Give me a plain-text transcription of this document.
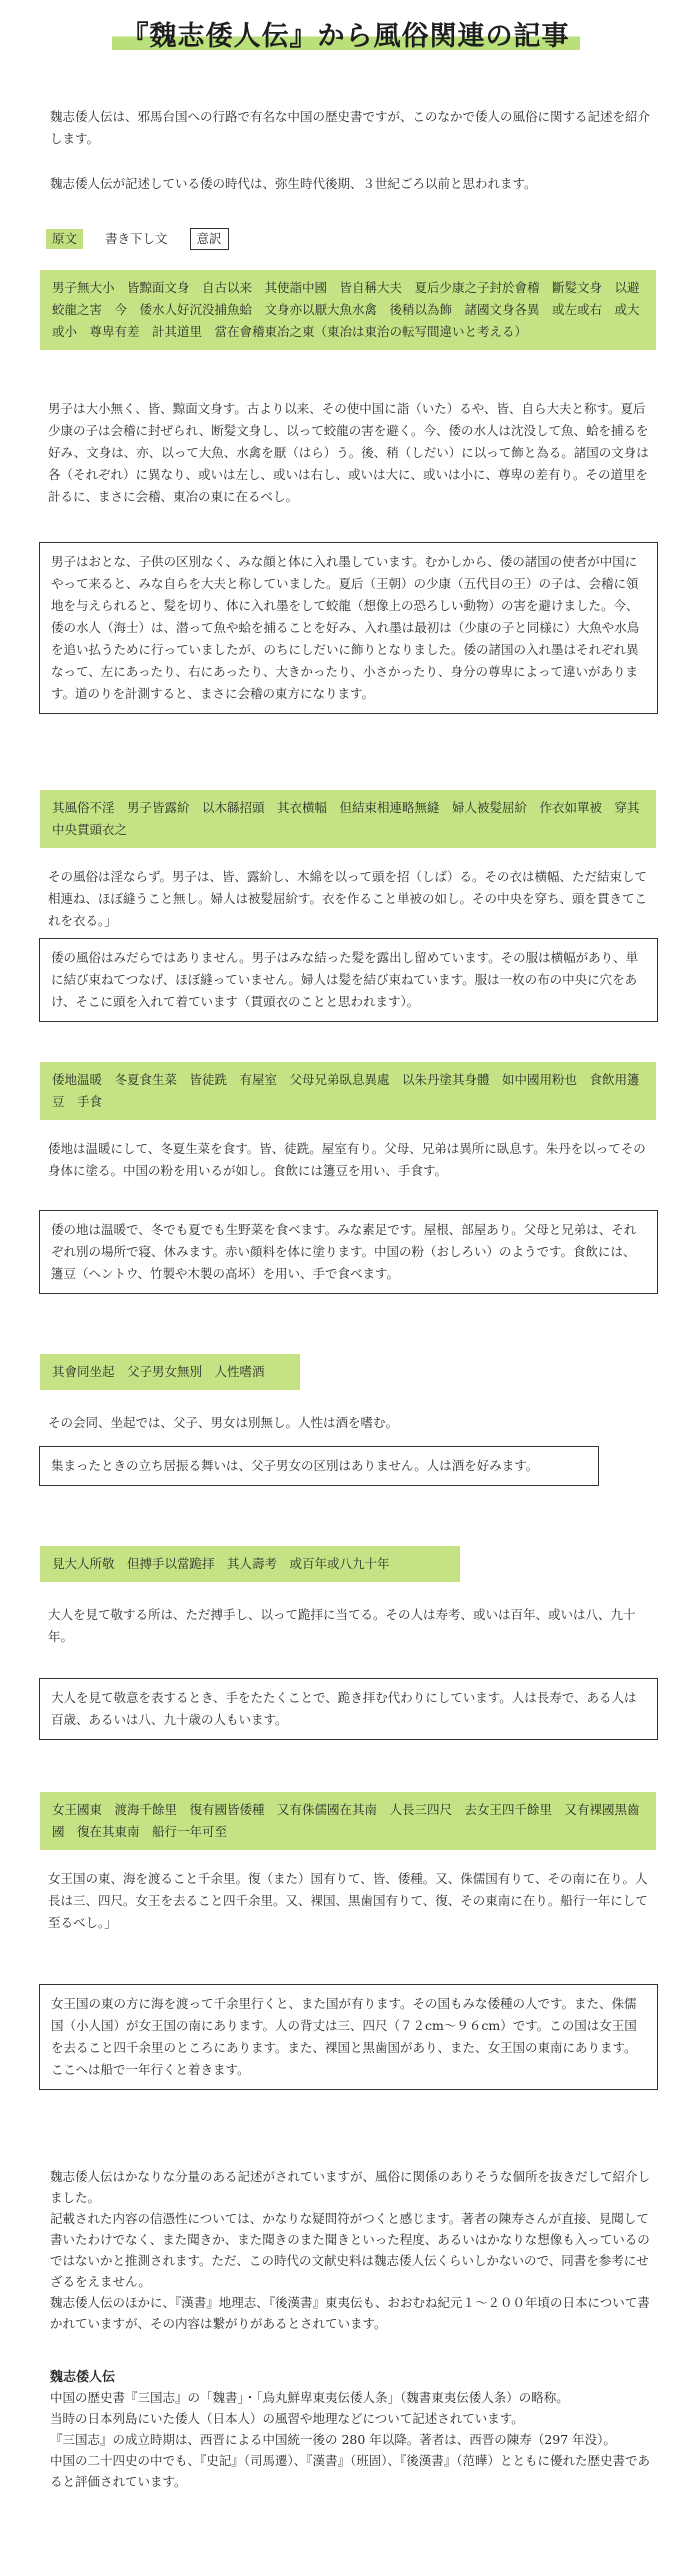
『魏志倭人伝』から風俗関連の記事
魏志倭人伝は、邪馬台国への行路で有名な中国の歴史書ですが、このなかで倭人の風俗に関する記述を紹介します。
魏志倭人伝が記述している倭の時代は、弥生時代後期、３世紀ごろ以前と思われます。
原文 書き下し文 意訳
男子無大小　皆黥面文身　自古以来　其使詣中國　皆自稱大夫　夏后少康之子封於會稽　斷髪文身　以避蛟龍之害　今　倭水人好沉没捕魚蛤　文身亦以厭大魚水禽　後稍以為飾　諸國文身各異　或左或右　或大或小　尊卑有差　計其道里　當在會稽東冶之東（東冶は東治の転写間違いと考える）
男子は大小無く、皆、黥面文身す。古より以来、その使中国に詣（いた）るや、皆、自ら大夫と称す。夏后少康の子は会稽に封ぜられ、断髪文身し、以って蛟龍の害を避く。今、倭の水人は沈没して魚、蛤を捕るを好み、文身は、亦、以って大魚、水禽を厭（はら）う。後、稍（しだい）に以って飾と為る。諸国の文身は各（それぞれ）に異なり、或いは左し、或いは右し、或いは大に、或いは小に、尊卑の差有り。その道里を計るに、まさに会稽、東冶の東に在るべし。
男子はおとな、子供の区別なく、みな顔と体に入れ墨しています。むかしから、倭の諸国の使者が中国にやって来ると、みな自らを大夫と称していました。夏后（王朝）の少康（五代目の王）の子は、会稽に領地を与えられると、髪を切り、体に入れ墨をして蛟龍（想像上の恐ろしい動物）の害を避けました。今、倭の水人（海士）は、潜って魚や蛤を捕ることを好み、入れ墨は最初は（少康の子と同様に）大魚や水鳥を追い払うために行っていましたが、のちにしだいに飾りとなりました。倭の諸国の入れ墨はそれぞれ異なって、左にあったり、右にあったり、大きかったり、小さかったり、身分の尊卑によって違いがあります。道のりを計測すると、まさに会稽の東方になります。
其風俗不淫　男子皆露紒　以木緜招頭　其衣横幅　但結束相連略無縫　婦人被髪屈紒　作衣如單被　穿其中央貫頭衣之
その風俗は淫ならず。男子は、皆、露紒し、木綿を以って頭を招（しば）る。その衣は横幅、ただ結束して相連ね、ほぼ縫うこと無し。婦人は被髪屈紒す。衣を作ること単被の如し。その中央を穿ち、頭を貫きてこれを衣る。」
倭の風俗はみだらではありません。男子はみな結った髪を露出し留めています。その服は横幅があり、単に結び束ねてつなげ、ほぼ縫っていません。婦人は髪を結び束ねています。服は一枚の布の中央に穴をあけ、そこに頭を入れて着ています（貫頭衣のことと思われます）。
倭地温暖　冬夏食生菜　皆徒跣　有屋室　父母兄弟臥息異處　以朱丹塗其身體　如中國用粉也　食飲用籩豆　手食
倭地は温暖にして、冬夏生菜を食す。皆、徒跣。屋室有り。父母、兄弟は異所に臥息す。朱丹を以ってその身体に塗る。中国の粉を用いるが如し。食飲には籩豆を用い、手食す。
倭の地は温暖で、冬でも夏でも生野菜を食べます。みな素足です。屋根、部屋あり。父母と兄弟は、それぞれ別の場所で寝、休みます。赤い顔料を体に塗ります。中国の粉（おしろい）のようです。食飲には、籩豆（ヘントウ、竹製や木製の高坏）を用い、手で食べます。
其會同坐起　父子男女無別　人性嗜酒
その会同、坐起では、父子、男女は別無し。人性は酒を嗜む。
集まったときの立ち居振る舞いは、父子男女の区別はありません。人は酒を好みます。
見大人所敬　但搏手以當跪拝　其人壽考　或百年或八九十年
大人を見て敬する所は、ただ搏手し、以って跪拝に当てる。その人は寿考、或いは百年、或いは八、九十年。
大人を見て敬意を表するとき、手をたたくことで、跪き拝む代わりにしています。人は長寿で、ある人は百歳、あるいは八、九十歳の人もいます。
女王國東　渡海千餘里　復有國皆倭種　又有侏儒國在其南　人長三四尺　去女王四千餘里　又有裸國黒齒國　復在其東南　船行一年可至
女王国の東、海を渡ること千余里。復（また）国有りて、皆、倭種。又、侏儒国有りて、その南に在り。人長は三、四尺。女王を去ること四千余里。又、裸国、黒歯国有りて、復、その東南に在り。船行一年にして至るべし。」
女王国の東の方に海を渡って千余里行くと、また国が有ります。その国もみな倭種の人です。また、侏儒国（小人国）が女王国の南にあります。人の背丈は三、四尺（７２cm～９６cm）です。この国は女王国を去ること四千余里のところにあります。また、裸国と黒歯国があり、また、女王国の東南にあります。ここへは船で一年行くと着きます。

魏志倭人伝はかなりな分量のある記述がされていますが、風俗に関係のありそうな個所を抜きだして紹介しました。

記載された内容の信憑性については、かなりな疑問符がつくと感じます。著者の陳寿さんが直接、見聞して書いたわけでなく、また聞きか、また聞きのまた聞きといった程度、あるいはかなりな想像も入っているのではないかと推測されます。ただ、この時代の文献史料は魏志倭人伝くらいしかないので、同書を参考にせざるをえません。

魏志倭人伝のほかに、『漢書』地理志、『後漢書』東夷伝も、おおむね紀元１～２００年頃の日本について書かれていますが、その内容は繋がりがあるとされています。

魏志倭人伝

中国の歴史書『三国志』の「魏書」・「烏丸鮮卑東夷伝倭人条」（魏書東夷伝倭人条）の略称。

当時の日本列島にいた倭人（日本人）の風習や地理などについて記述されています。

『三国志』の成立時期は、西晋による中国統一後の 280 年以降。著者は、西晋の陳寿（297 年没）。

中国の二十四史の中でも、『史記』（司馬遷）、『漢書』（班固）、『後漢書』（范曄）とともに優れた歴史書であると評価されています。
